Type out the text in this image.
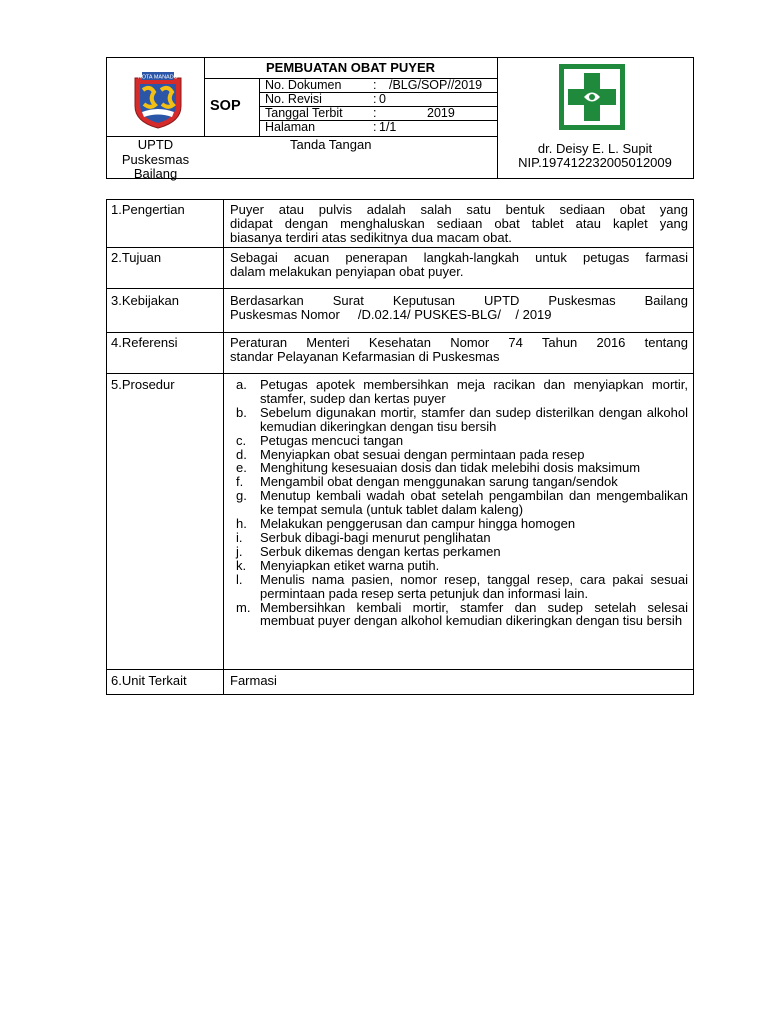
KOTA MANADO
PEMBUATAN OBAT PUYER
SOP
No. Dokumen	: /BLG/SOP//2019
No. Revisi	: 0
Tanggal Terbit :	2019
Halaman	: 1/1
UPTD
Puskesmas
Bailang
Tanda Tangan	dr. Deisy E. L. Supit
NIP.197412232005012009
1.Pengertian	Puyer atau pulvis adalah salah satu bentuk sediaan obat yang
didapat dengan menghaluskan sediaan obat tablet atau kaplet yang
biasanya terdiri atas sedikitnya dua macam obat.
2.Tujuan	Sebagai acuan penerapan langkah-langkah untuk petugas farmasi
dalam melakukan penyiapan obat puyer.
3.Kebijakan	Berdasarkan Surat Keputusan UPTD Puskesmas Bailang
Puskesmas Nomor     /D.02.14/ PUSKES-BLG/    / 2019
4.Referensi	Peraturan Menteri Kesehatan Nomor 74 Tahun 2016 tentang
standar Pelayanan Kefarmasian di Puskesmas
5.Prosedur	a. Petugas apotek membersihkan meja racikan dan menyiapkan mortir, stamfer, sudep dan kertas puyer
b. Sebelum digunakan mortir, stamfer dan sudep disterilkan dengan alkohol kemudian dikeringkan dengan tisu bersih
c. Petugas mencuci tangan
d. Menyiapkan obat sesuai dengan permintaan pada resep
e. Menghitung kesesuaian dosis dan tidak melebihi dosis maksimum
f. Mengambil obat dengan menggunakan sarung tangan/sendok
g. Menutup kembali wadah obat setelah pengambilan dan mengembalikan ke tempat semula (untuk tablet dalam kaleng)
h. Melakukan penggerusan dan campur hingga homogen
i. Serbuk dibagi-bagi menurut penglihatan
j. Serbuk dikemas dengan kertas perkamen
k. Menyiapkan etiket warna putih.
l. Menulis nama pasien, nomor resep, tanggal resep, cara pakai sesuai permintaan pada resep serta petunjuk dan informasi lain.
m. Membersihkan kembali mortir, stamfer dan sudep setelah selesai membuat puyer dengan alkohol kemudian dikeringkan dengan tisu bersih
6.Unit Terkait	Farmasi
